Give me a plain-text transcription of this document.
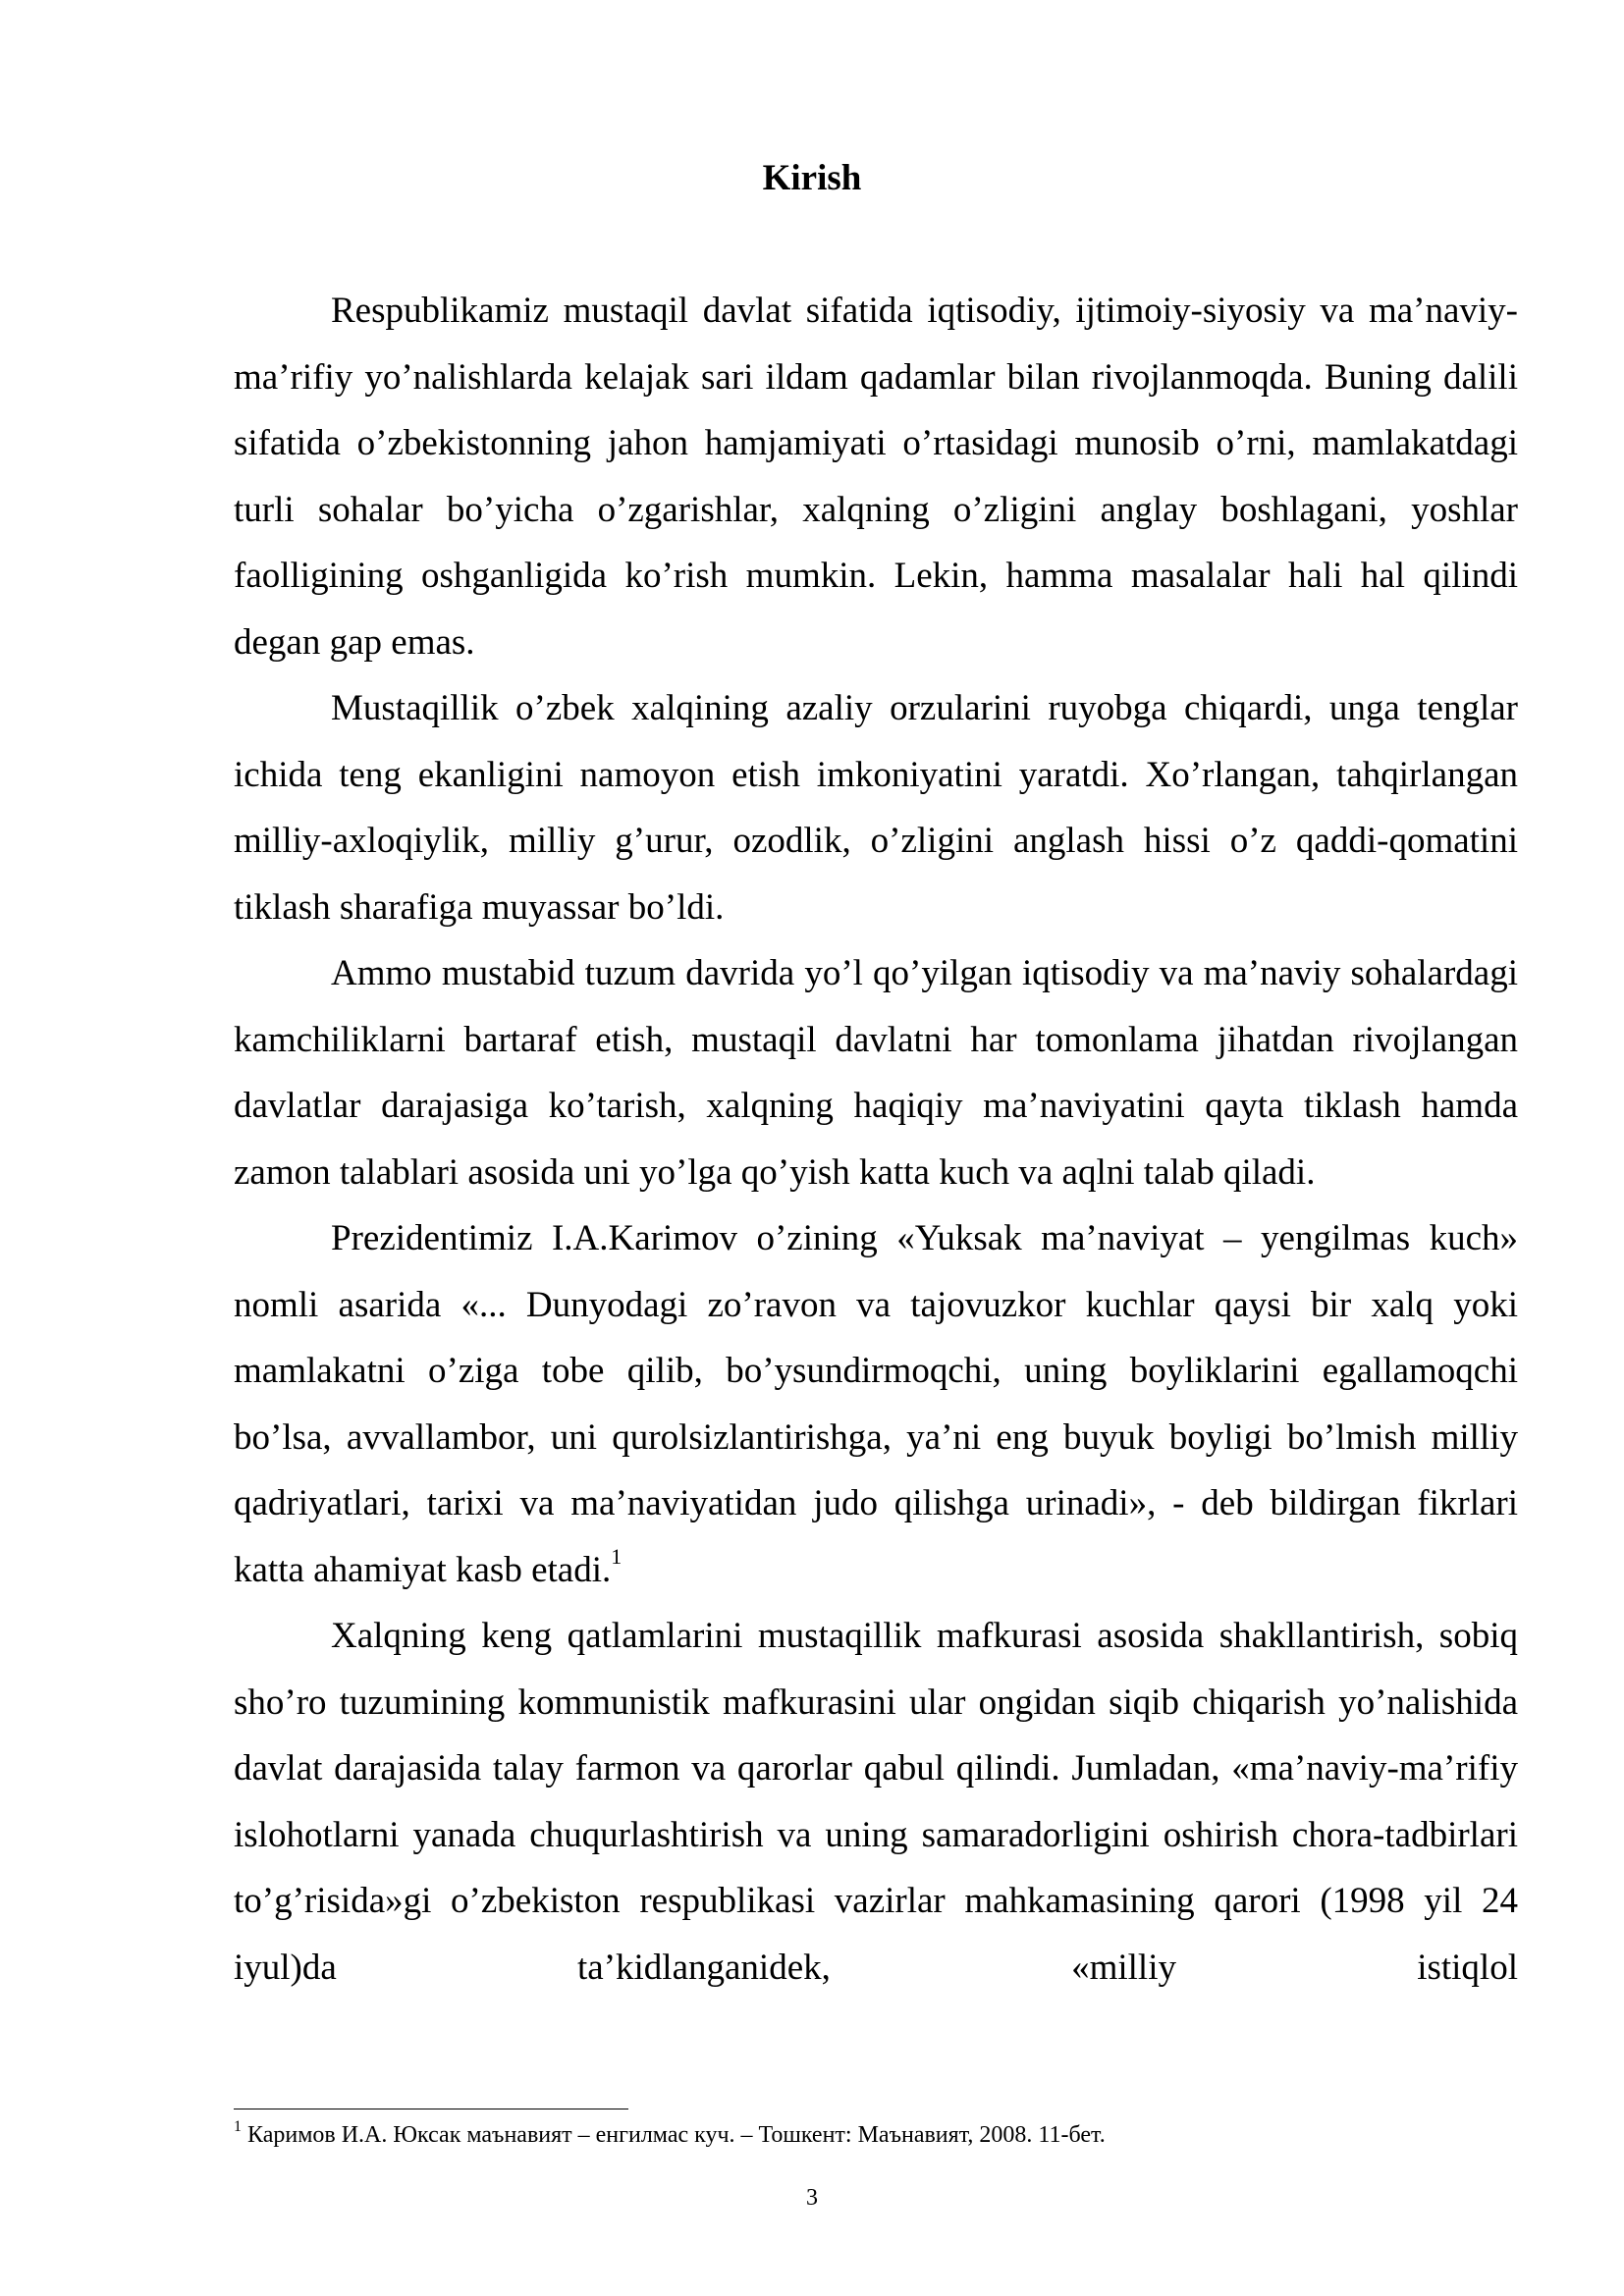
Kirish

Respublikamiz mustaqil davlat sifatida iqtisodiy, ijtimoiy-siyosiy va ma’naviy-ma’rifiy yo’nalishlarda kelajak sari ildam qadamlar bilan rivojlanmoqda. Buning dalili sifatida o’zbekistonning jahon hamjamiyati o’rtasidagi munosib o’rni, mamlakatdagi turli sohalar bo’yicha o’zgarishlar, xalqning o’zligini anglay boshlagani, yoshlar faolligining oshganligida ko’rish mumkin. Lekin, hamma masalalar hali hal qilindi degan gap emas.

Mustaqillik o’zbek xalqining azaliy orzularini ruyobga chiqardi, unga tenglar ichida teng ekanligini namoyon etish imkoniyatini yaratdi. Xo’rlangan, tahqirlangan milliy-axloqiylik, milliy g’urur, ozodlik, o’zligini anglash hissi o’z qaddi-qomatini tiklash sharafiga muyassar bo’ldi.

Ammo mustabid tuzum davrida yo’l qo’yilgan iqtisodiy va ma’naviy sohalardagi kamchiliklarni bartaraf etish, mustaqil davlatni har tomonlama jihatdan rivojlangan davlatlar darajasiga ko’tarish, xalqning haqiqiy ma’naviyatini qayta tiklash hamda zamon talablari asosida uni yo’lga qo’yish katta kuch va aqlni talab qiladi.

Prezidentimiz I.A.Karimov o’zining «Yuksak ma’naviyat – yengilmas kuch» nomli asarida «... Dunyodagi zo’ravon va tajovuzkor kuchlar qaysi bir xalq yoki mamlakatni o’ziga tobe qilib, bo’ysundirmoqchi, uning boyliklarini egallamoqchi bo’lsa, avvallambor, uni qurolsizlantirishga, ya’ni eng buyuk boyligi bo’lmish milliy qadriyatlari, tarixi va ma’naviyatidan judo qilishga urinadi», - deb bildirgan fikrlari katta ahamiyat kasb etadi.$^1$

Xalqning keng qatlamlarini mustaqillik mafkurasi asosida shakllantirish, sobiq sho’ro tuzumining kommunistik mafkurasini ular ongidan siqib chiqarish yo’nalishida davlat darajasida talay farmon va qarorlar qabul qilindi. Jumladan, «ma’naviy-ma’rifiy islohotlarni yanada chuqurlashtirish va uning samaradorligini oshirish chora-tadbirlari to’g’risida»gi o’zbekiston respublikasi vazirlar mahkamasining qarori (1998 yil 24 iyul)da ta’kidlanganidek, «milliy istiqlol

$^1$ Каримов И.А. Юксак маънавият – енгилмас куч. – Тошкент: Маънавият, 2008. 11-бет.
3
